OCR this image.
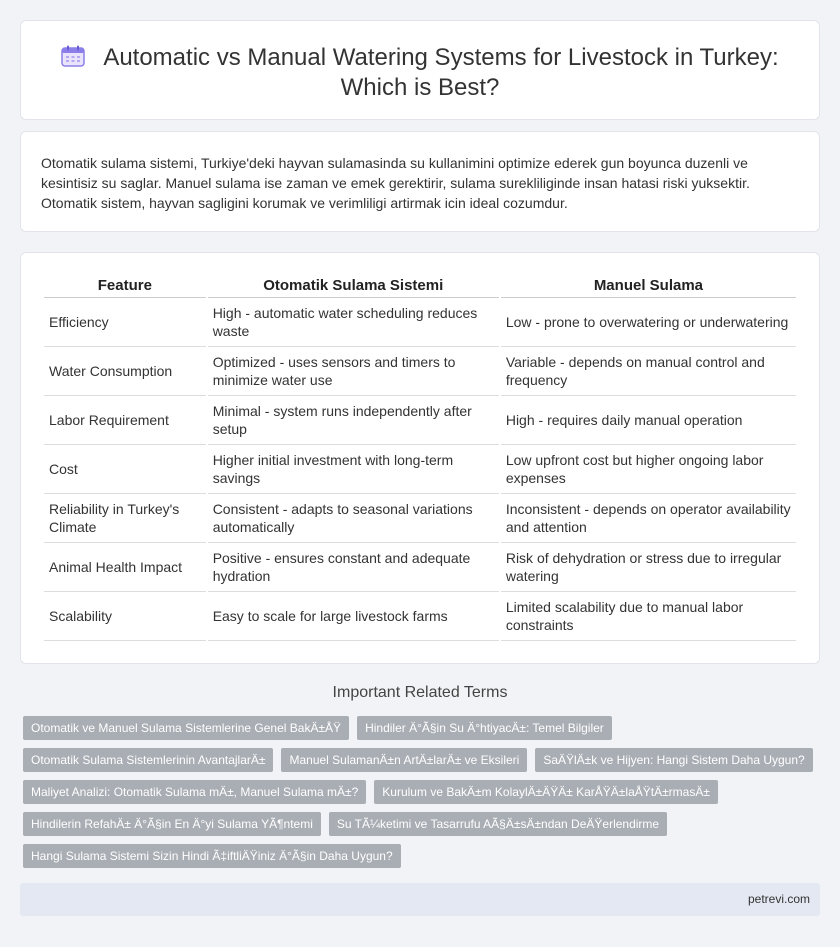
Automatic vs Manual Watering Systems for Livestock in Turkey: Which is Best?

Otomatik sulama sistemi, Turkiye'deki hayvan sulamasinda su kullanimini optimize ederek gun boyunca duzenli ve kesintisiz su saglar. Manuel sulama ise zaman ve emek gerektirir, sulama surekliliginde insan hatasi riski yuksektir. Otomatik sistem, hayvan sagligini korumak ve verimliligi artirmak icin ideal cozumdur.

Feature	Otomatik Sulama Sistemi	Manuel Sulama
Efficiency	High - automatic water scheduling reduces waste	Low - prone to overwatering or underwatering
Water Consumption	Optimized - uses sensors and timers to minimize water use	Variable - depends on manual control and frequency
Labor Requirement	Minimal - system runs independently after setup	High - requires daily manual operation
Cost	Higher initial investment with long-term savings	Low upfront cost but higher ongoing labor expenses
Reliability in Turkey's Climate	Consistent - adapts to seasonal variations automatically	Inconsistent - depends on operator availability and attention
Animal Health Impact	Positive - ensures constant and adequate hydration	Risk of dehydration or stress due to irregular watering
Scalability	Easy to scale for large livestock farms	Limited scalability due to manual labor constraints
Important Related Terms
Otomatik ve Manuel Sulama Sistemlerine Genel BakÄ±ÅŸ	Hindiler Ä°Ã§in Su Ä°htiyacÄ±: Temel Bilgiler
Otomatik Sulama Sistemlerinin AvantajlarÄ±	Manuel SulamanÄ±n ArtÄ±larÄ± ve Eksileri	SaÄŸlÄ±k ve Hijyen: Hangi Sistem Daha Uygun?
Maliyet Analizi: Otomatik Sulama mÄ±, Manuel Sulama mÄ±?	Kurulum ve BakÄ±m KolaylÄ±ÄŸÄ± KarÅŸÄ±laÅŸtÄ±rmasÄ±
Hindilerin RefahÄ± Ä°Ã§in En Ä°yi Sulama YÃ¶ntemi	Su TÃ¼ketimi ve Tasarrufu AÃ§Ä±sÄ±ndan DeÄŸerlendirme
Hangi Sulama Sistemi Sizin Hindi Ã‡iftliÄŸiniz Ä°Ã§in Daha Uygun?
petrevi.com
